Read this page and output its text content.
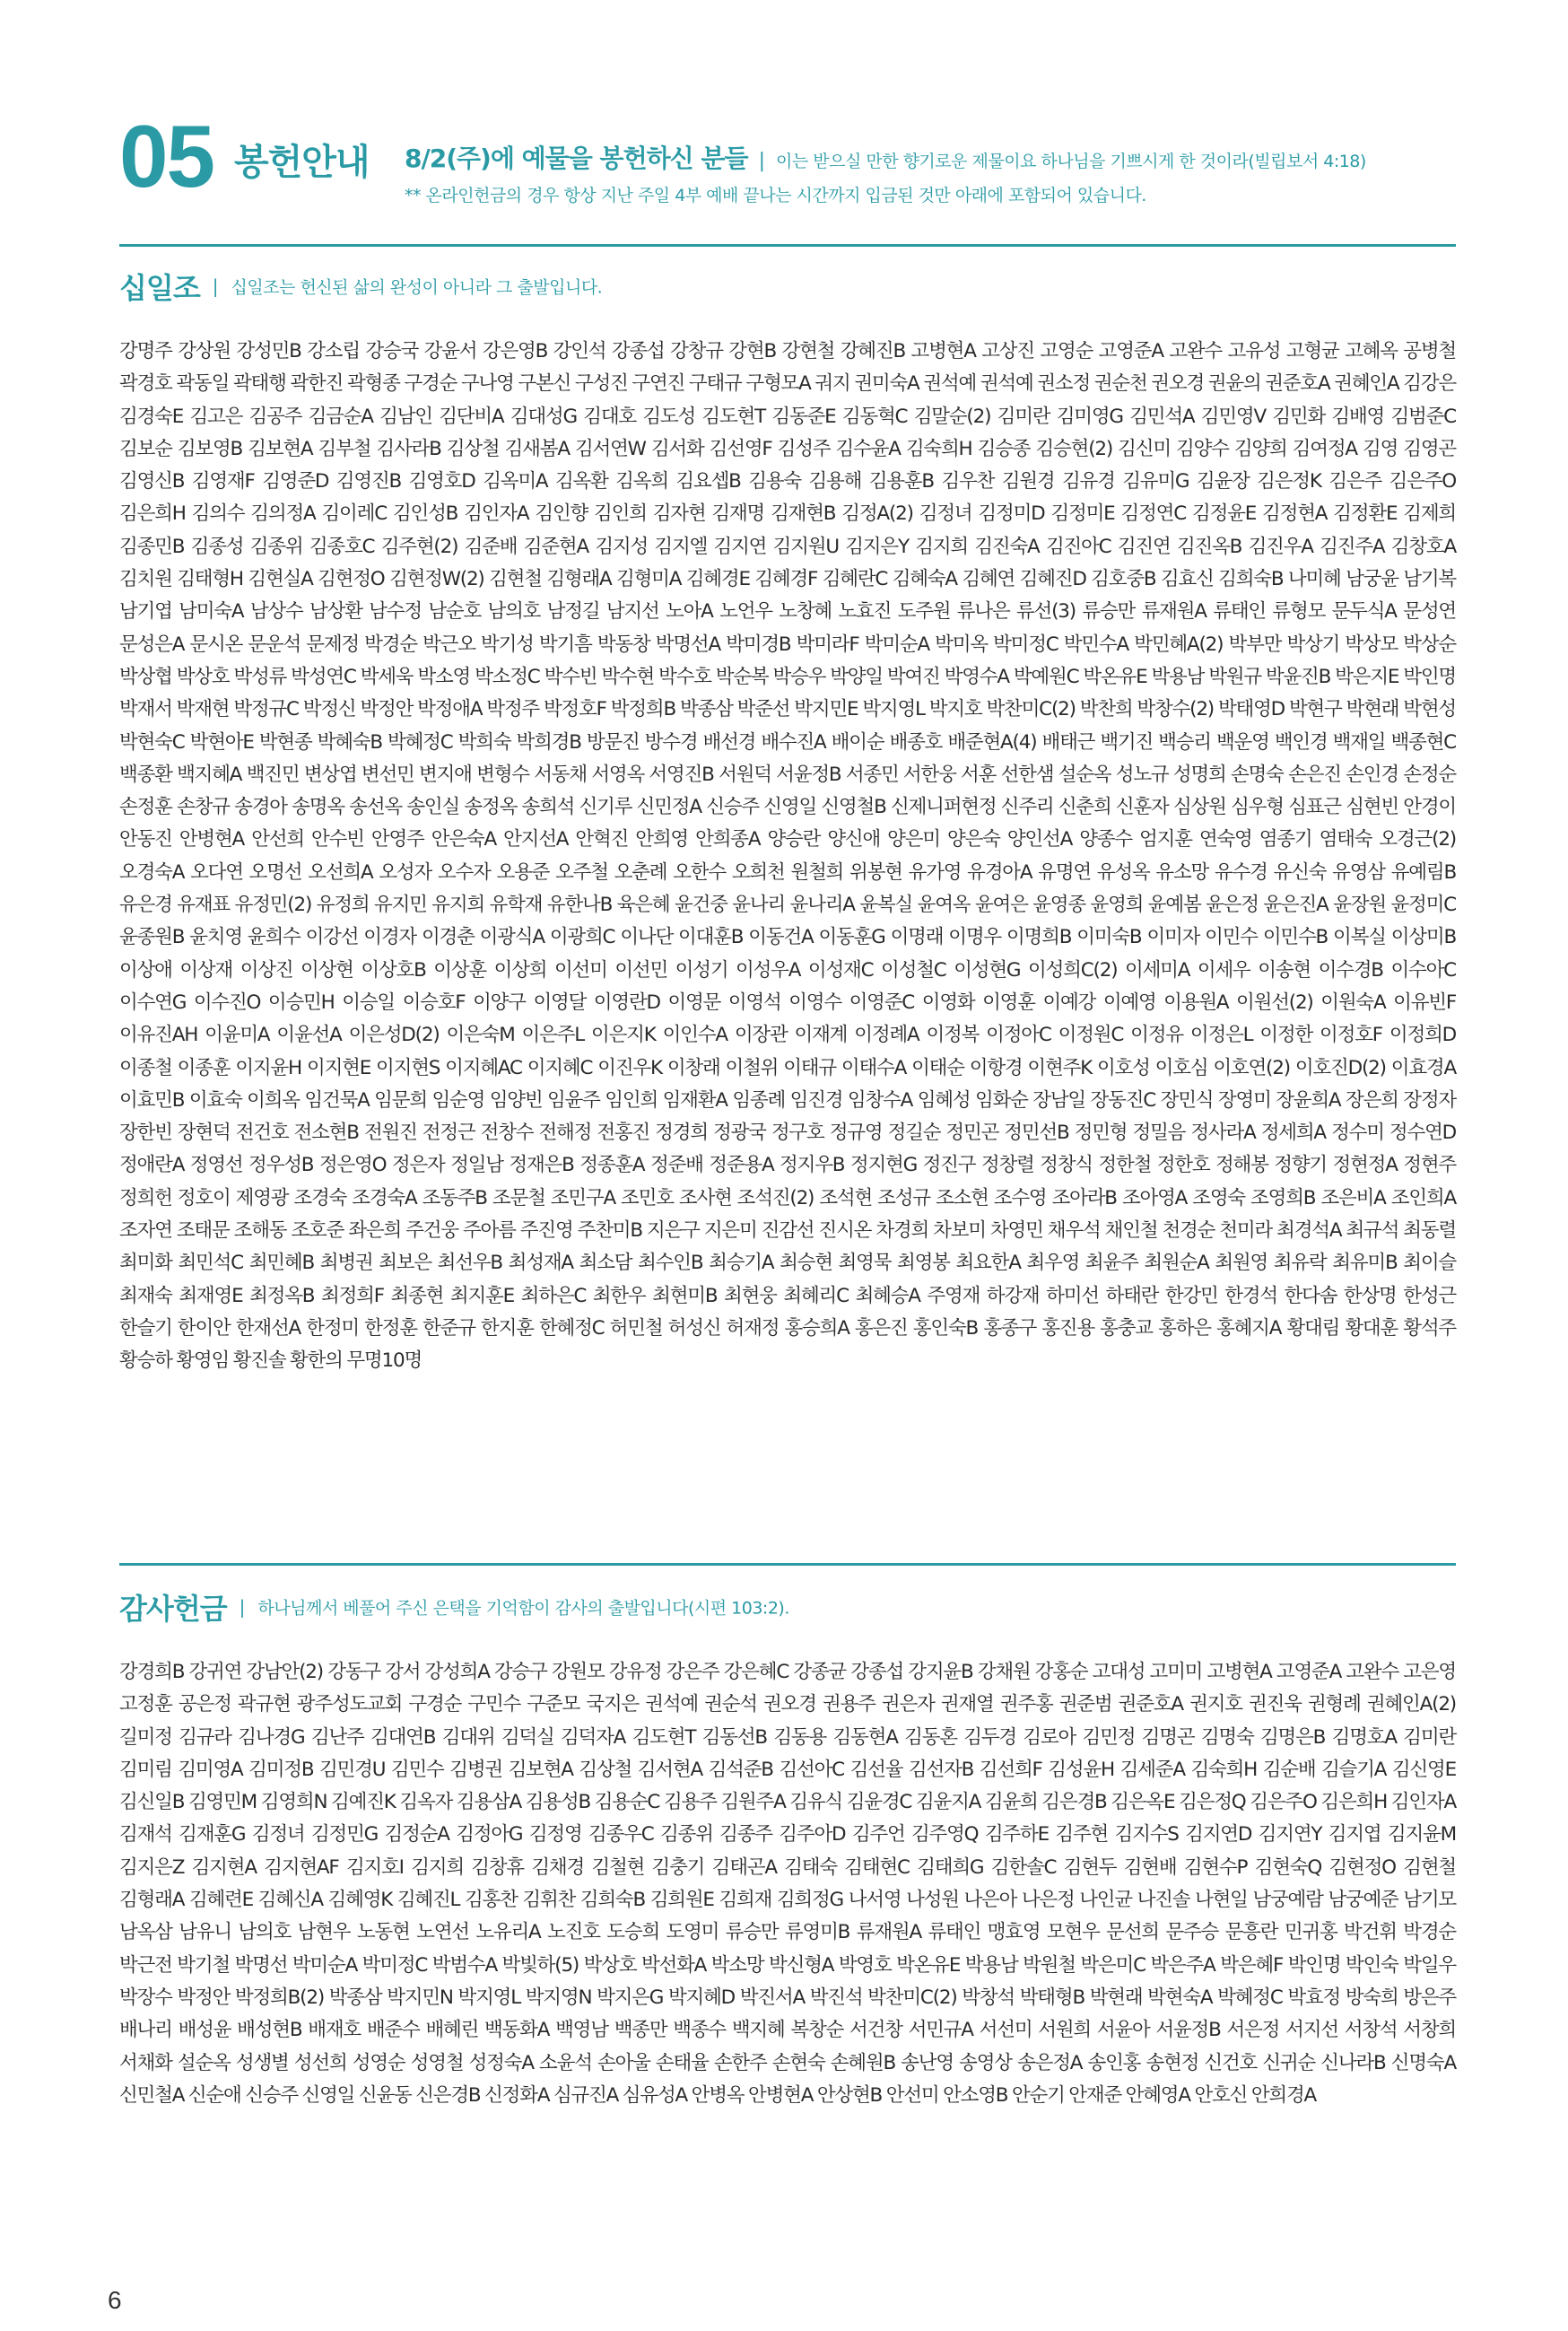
05 봉헌안내 8/2(주)에 예물을 봉헌하신 분들 | 이는 받으실 만한 향기로운 제물이요 하나님을 기쁘시게 한 것이라(빌립보서 4:18)
** 온라인헌금의 경우 항상 지난 주일 4부 예배 끝나는 시간까지 입금된 것만 아래에 포함되어 있습니다.
십일조 | 십일조는 헌신된 삶의 완성이 아니라 그 출발입니다.
강명주 강상원 강성민B 강소립 강승국 강윤서 강은영B 강인석 강종섭 강창규 강현B 강현철 강혜진B 고병현A 고상진 고영순 고영준A 고완수 고유성 고형균 고혜옥 공병철 곽경호 곽동일 곽태행 곽한진 곽형종 구경순 구나영 구본신 구성진 구연진 구태규 구형모A 궈지 권미숙A 권석예 권석예 권소정 권순천 권오경 권윤의 권준호A 권혜인A 김강은 김경숙E 김고은 김공주 김금순A 김남인 김단비A 김대성G 김대호 김도성 김도현T 김동준E 김동혁C 김말순(2) 김미란 김미영G 김민석A 김민영V 김민화 김배영 김범준C 김보순 김보영B 김보현A 김부철 김사라B 김상철 김새봄A 김서연W 김서화 김선영F 김성주 김수윤A 김숙희H 김승종 김승현(2) 김신미 김양수 김양희 김여정A 김영 김영곤 김영신B 김영재F 김영준D 김영진B 김영호D 김옥미A 김옥환 김옥희 김요셉B 김용숙 김용해 김용훈B 김우찬 김원경 김유경 김유미G 김윤장 김은정K 김은주 김은주O 김은희H 김의수 김의정A 김이레C 김인성B 김인자A 김인향 김인희 김자현 김재명 김재현B 김정A(2) 김정녀 김정미D 김정미E 김정연C 김정윤E 김정현A 김정환E 김제희 김종민B 김종성 김종위 김종호C 김주현(2) 김준배 김준현A 김지성 김지엘 김지연 김지원U 김지은Y 김지희 김진숙A 김진아C 김진연 김진옥B 김진우A 김진주A 김창호A 김치원 김태형H 김현실A 김현정O 김현정W(2) 김현철 김형래A 김형미A 김혜경E 김혜경F 김혜란C 김혜숙A 김혜연 김혜진D 김호중B 김효신 김희숙B 나미혜 남궁윤 남기복 남기엽 남미숙A 남상수 남상환 남수정 남순호 남의호 남정길 남지선 노아A 노언우 노창혜 노효진 도주원 류나은 류선(3) 류승만 류재원A 류태인 류형모 문두식A 문성연 문성은A 문시온 문운석 문제정 박경순 박근오 박기성 박기흠 박동창 박명선A 박미경B 박미라F 박미순A 박미옥 박미정C 박민수A 박민혜A(2) 박부만 박상기 박상모 박상순 박상협 박상호 박성류 박성연C 박세욱 박소영 박소정C 박수빈 박수현 박수호 박순복 박승우 박양일 박여진 박영수A 박예원C 박온유E 박용남 박원규 박윤진B 박은지E 박인명 박재서 박재현 박정규C 박정신 박정안 박정애A 박정주 박정호F 박정희B 박종삼 박준선 박지민E 박지영L 박지호 박찬미C(2) 박찬희 박창수(2) 박태영D 박현구 박현래 박현성 박현숙C 박현아E 박현종 박혜숙B 박혜정C 박희숙 박희경B 방문진 방수경 배선경 배수진A 배이순 배종호 배준현A(4) 배태근 백기진 백승리 백운영 백인경 백재일 백종현C 백종환 백지혜A 백진민 변상엽 변선민 변지애 변형수 서동채 서영옥 서영진B 서원덕 서윤정B 서종민 서한웅 서훈 선한샘 설순옥 성노규 성명희 손명숙 손은진 손인경 손정순 손정훈 손창규 송경아 송명옥 송선옥 송인실 송정옥 송희석 신기루 신민정A 신승주 신영일 신영철B 신제니퍼현정 신주리 신춘희 신훈자 심상원 심우형 심표근 심현빈 안경이 안동진 안병현A 안선희 안수빈 안영주 안은숙A 안지선A 안혁진 안희영 안희종A 양승란 양신애 양은미 양은숙 양인선A 양종수 엄지훈 연숙영 염종기 염태숙 오경근(2) 오경숙A 오다연 오명선 오선희A 오성자 오수자 오용준 오주철 오춘례 오한수 오희천 원철희 위봉현 유가영 유경아A 유명연 유성옥 유소망 유수경 유신숙 유영삼 유예림B 유은경 유재표 유정민(2) 유정희 유지민 유지희 유학재 유한나B 육은혜 윤건중 윤나리 윤나리A 윤복실 윤여옥 윤여은 윤영종 윤영희 윤예봄 윤은정 윤은진A 윤장원 윤정미C 윤종원B 윤치영 윤희수 이강선 이경자 이경춘 이광식A 이광희C 이나단 이대훈B 이동건A 이동훈G 이명래 이명우 이명희B 이미숙B 이미자 이민수 이민수B 이복실 이상미B 이상애 이상재 이상진 이상현 이상호B 이상훈 이상희 이선미 이선민 이성기 이성우A 이성재C 이성철C 이성현G 이성희C(2) 이세미A 이세우 이송현 이수경B 이수아C 이수연G 이수진O 이승민H 이승일 이승호F 이양구 이영달 이영란D 이영문 이영석 이영수 이영준C 이영화 이영훈 이예강 이예영 이용원A 이원선(2) 이원숙A 이유빈F 이유진AH 이윤미A 이윤선A 이은성D(2) 이은숙M 이은주L 이은지K 이인수A 이장관 이재계 이정례A 이정복 이정아C 이정원C 이정유 이정은L 이정한 이정호F 이정희D 이종철 이종훈 이지윤H 이지현E 이지현S 이지혜AC 이지혜C 이진우K 이창래 이철위 이태규 이태수A 이태순 이항경 이현주K 이호성 이호심 이호연(2) 이호진D(2) 이효경A 이효민B 이효숙 이희옥 임건묵A 임문희 임순영 임양빈 임윤주 임인희 임재환A 임종례 임진경 임창수A 임혜성 임화순 장남일 장동진C 장민식 장영미 장윤희A 장은희 장정자 장한빈 장현덕 전건호 전소현B 전원진 전정근 전창수 전해정 전홍진 정경희 정광국 정구호 정규영 정길순 정민곤 정민선B 정민형 정밀음 정사라A 정세희A 정수미 정수연D 정애란A 정영선 정우성B 정은영O 정은자 정일남 정재은B 정종훈A 정준배 정준용A 정지우B 정지현G 정진구 정창렬 정창식 정한철 정한호 정해봉 정향기 정현정A 정현주 정희헌 정호이 제영광 조경숙 조경숙A 조동주B 조문철 조민구A 조민호 조사현 조석진(2) 조석현 조성규 조소현 조수영 조아라B 조아영A 조영숙 조영희B 조은비A 조인희A 조자연 조태문 조해동 조호준 좌은희 주건웅 주아름 주진영 주찬미B 지은구 지은미 진감선 진시온 차경희 차보미 차영민 채우석 채인철 천경순 천미라 최경석A 최규석 최동렬 최미화 최민석C 최민혜B 최병권 최보은 최선우B 최성재A 최소담 최수인B 최승기A 최승현 최영묵 최영봉 최요한A 최우영 최윤주 최원순A 최원영 최유락 최유미B 최이슬 최재숙 최재영E 최정옥B 최정희F 최종현 최지훈E 최하은C 최한우 최현미B 최현웅 최혜리C 최혜승A 주영재 하강재 하미선 하태란 한강민 한경석 한다솜 한상명 한성근 한슬기 한이안 한재선A 한정미 한정훈 한준규 한지훈 한혜정C 허민철 허성신 허재정 홍승희A 홍은진 홍인숙B 홍종구 홍진용 홍충교 홍하은 홍혜지A 황대림 황대훈 황석주 황승하 황영임 황진솔 황한의 무명10명
감사헌금 | 하나님께서 베풀어 주신 은택을 기억함이 감사의 출발입니다(시편 103:2).
강경희B 강귀연 강남안(2) 강동구 강서 강성희A 강승구 강원모 강유정 강은주 강은혜C 강종균 강종섭 강지윤B 강채원 강홍순 고대성 고미미 고병현A 고영준A 고완수 고은영 고정훈 공은정 곽규현 광주성도교회 구경순 구민수 구준모 국지은 권석예 권순석 권오경 권용주 권은자 권재열 권주홍 권준범 권준호A 권지호 권진욱 권형례 권혜인A(2) 길미정 김규라 김나경G 김난주 김대연B 김대위 김덕실 김덕자A 김도현T 김동선B 김동용 김동현A 김동혼 김두경 김로아 김민정 김명곤 김명숙 김명은B 김명호A 김미란 김미림 김미영A 김미정B 김민경U 김민수 김병권 김보현A 김상철 김서현A 김석준B 김선아C 김선율 김선자B 김선희F 김성윤H 김세준A 김숙희H 김순배 김슬기A 김신영E 김신일B 김영민M 김영희N 김예진K 김옥자 김용삼A 김용성B 김용순C 김용주 김원주A 김유식 김윤경C 김윤지A 김윤희 김은경B 김은옥E 김은정Q 김은주O 김은희H 김인자A 김재석 김재훈G 김정녀 김정민G 김정순A 김정아G 김정영 김종우C 김종위 김종주 김주아D 김주언 김주영Q 김주하E 김주현 김지수S 김지연D 김지연Y 김지엽 김지윤M 김지은Z 김지현A 김지현AF 김지호I 김지희 김창휴 김채경 김철현 김충기 김태곤A 김태숙 김태현C 김태희G 김한솔C 김현두 김현배 김현수P 김현숙Q 김현정O 김현철 김형래A 김혜련E 김혜신A 김혜영K 김혜진L 김홍찬 김휘찬 김희숙B 김희원E 김희재 김희정G 나서영 나성원 나은아 나은정 나인균 나진솔 나현일 남궁예람 남궁예준 남기모 남옥삼 남유니 남의호 남현우 노동현 노연선 노유리A 노진호 도승희 도영미 류승만 류영미B 류재원A 류태인 맹효영 모현우 문선희 문주승 문흥란 민귀홍 박건휘 박경순 박근전 박기철 박명선 박미순A 박미정C 박범수A 박빛하(5) 박상호 박선화A 박소망 박신형A 박영호 박온유E 박용남 박원철 박은미C 박은주A 박은혜F 박인명 박인숙 박일우 박장수 박정안 박정희B(2) 박종삼 박지민N 박지영L 박지영N 박지은G 박지혜D 박진서A 박진석 박찬미C(2) 박창석 박태형B 박현래 박현숙A 박혜정C 박효정 방숙희 방은주 배나리 배성윤 배성현B 배재호 배준수 배혜린 백동화A 백영남 백종만 백종수 백지혜 복창순 서건창 서민규A 서선미 서원희 서윤아 서윤정B 서은정 서지선 서창석 서창희 서채화 설순옥 성생별 성선희 성영순 성영철 성정숙A 소윤석 손아울 손태율 손한주 손현숙 손혜원B 송난영 송영상 송은정A 송인홍 송현정 신건호 신귀순 신나라B 신명숙A 신민철A 신순애 신승주 신영일 신윤동 신은경B 신정화A 심규진A 심유성A 안병옥 안병현A 안상현B 안선미 안소영B 안순기 안재준 안혜영A 안호신 안희경A
6
